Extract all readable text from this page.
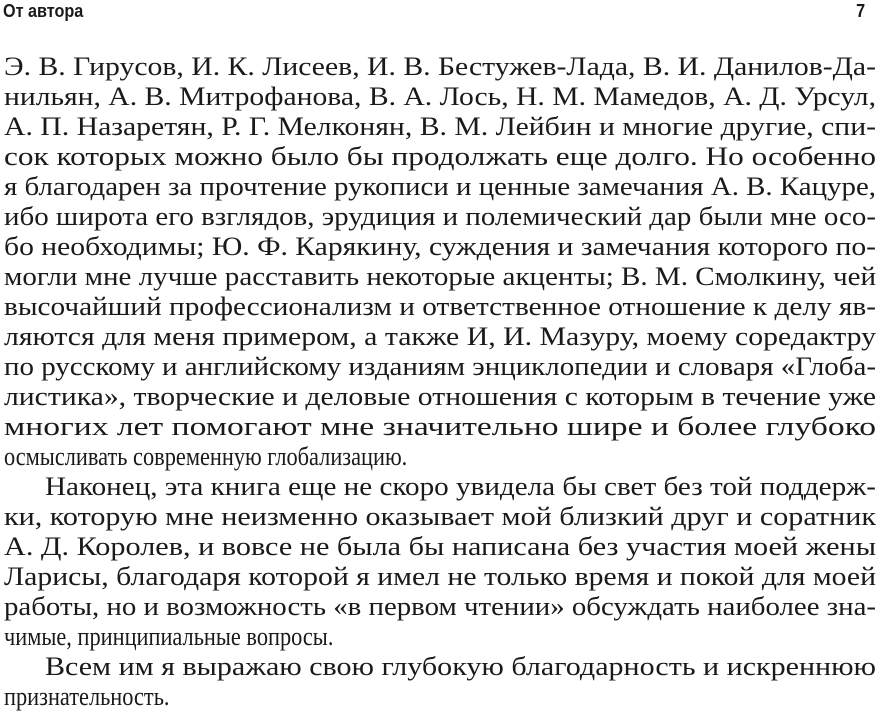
От автора	7
Э. В. Гирусов, И. К. Лисеев, И. В. Бестужев-Лада, В. И. Данилов-Да-
нильян, А. В. Митрофанова, В. А. Лось, Н. М. Мамедов, А. Д. Урсул,
А. П. Назаретян, Р. Г. Мелконян, В. М. Лейбин и многие другие, спи-
сок которых можно было бы продолжать еще долго. Но особенно
я благодарен за прочтение рукописи и ценные замечания А. В. Кацуре,
ибо широта его взглядов, эрудиция и полемический дар были мне осо-
бо необходимы; Ю. Ф. Карякину, суждения и замечания которого по-
могли мне лучше расставить некоторые акценты; В. М. Смолкину, чей
высочайший профессионализм и ответственное отношение к делу яв-
ляются для меня примером, а также И, И. Мазуру, моему соредактру
по русскому и английскому изданиям энциклопедии и словаря «Глоба-
листика», творческие и деловые отношения с которым в течение уже
многих лет помогают мне значительно шире и более глубоко
осмысливать современную глобализацию.
Наконец, эта книга еще не скоро увидела бы свет без той поддерж-
ки, которую мне неизменно оказывает мой близкий друг и соратник
А. Д. Королев, и вовсе не была бы написана без участия моей жены
Ларисы, благодаря которой я имел не только время и покой для моей
работы, но и возможность «в первом чтении» обсуждать наиболее зна-
чимые, принципиальные вопросы.
Всем им я выражаю свою глубокую благодарность и искреннюю
признательность.
